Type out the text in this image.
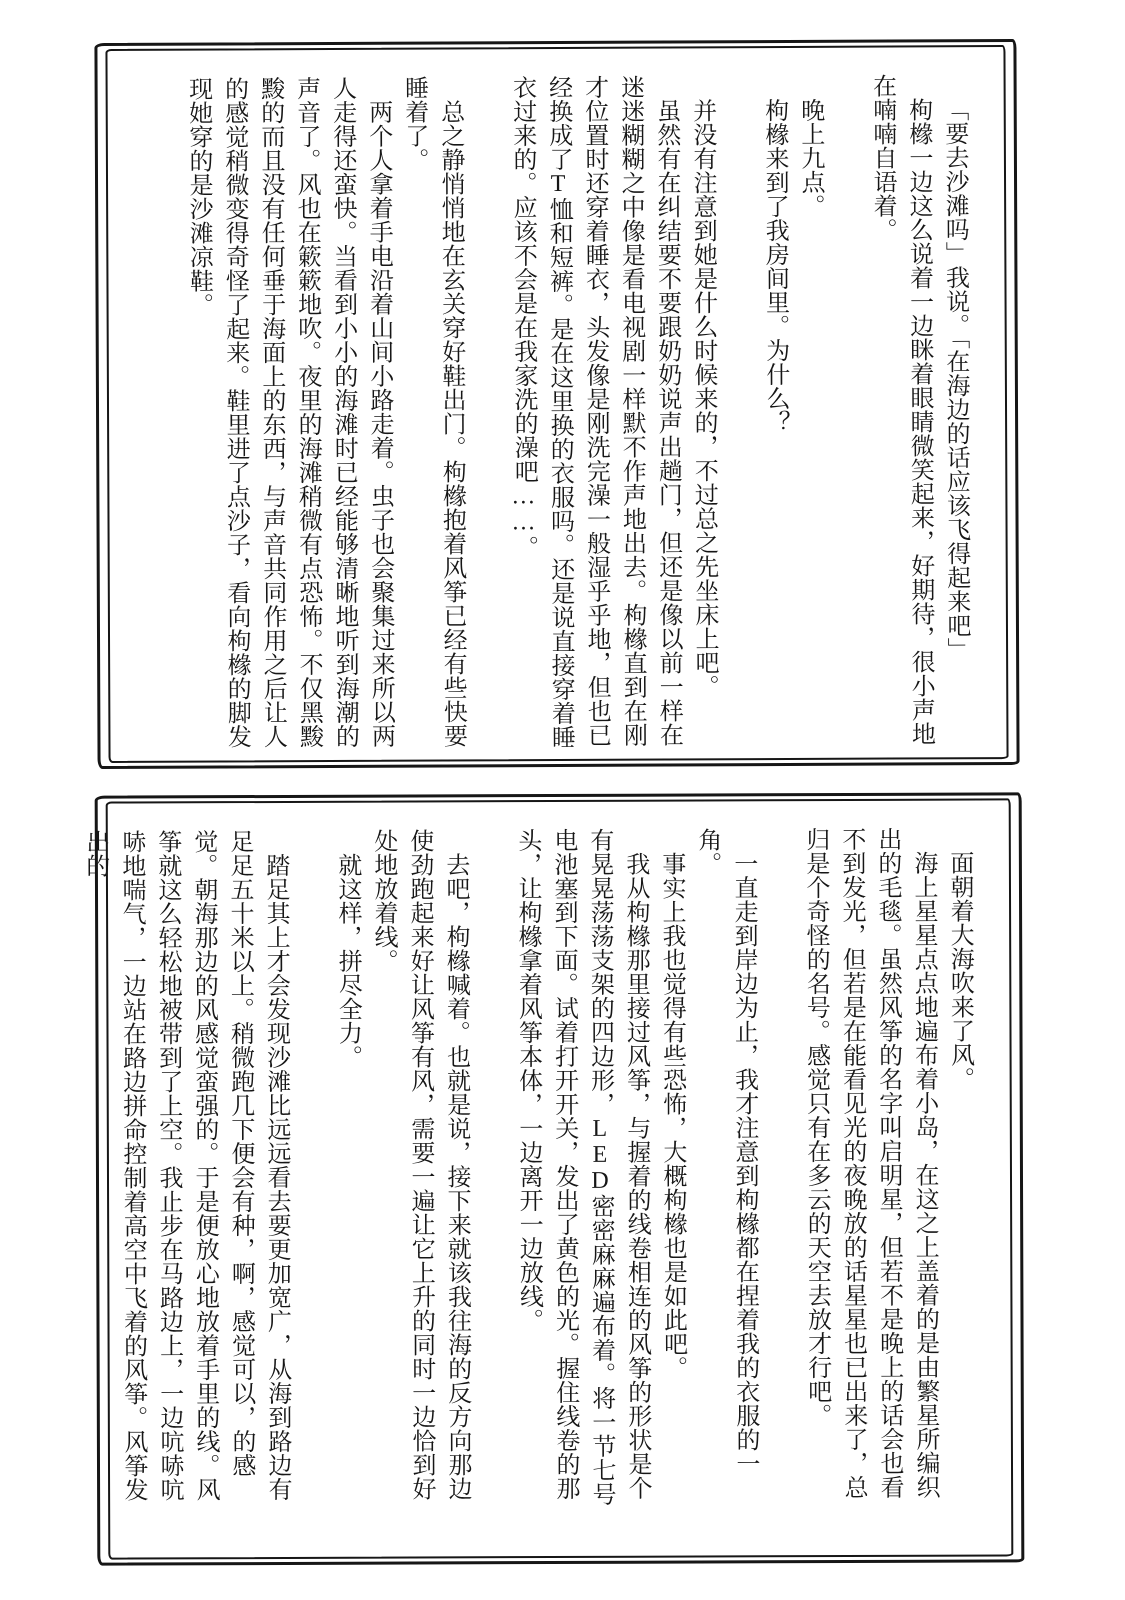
「要去沙滩吗」我说。「在海边的话应该飞得起来吧」

枸橼一边这么说着一边眯着眼睛微笑起来，好期待，很小声地在喃喃自语着。

晚上九点。

枸橼来到了我房间里。为什么？

并没有注意到她是什么时候来的，不过总之先坐床上吧。

虽然有在纠结要不要跟奶奶说声出趟门，但还是像以前一样在迷迷糊糊之中像是看电视剧一样默不作声地出去。枸橼直到在刚才位置时还穿着睡衣，头发像是刚洗完澡一般湿乎乎地，但也已经换成了T恤和短裤。是在这里换的衣服吗。还是说直接穿着睡衣过来的。应该不会是在我家洗的澡吧……。

总之静悄悄地在玄关穿好鞋出门。枸橼抱着风筝已经有些快要睡着了。

两个人拿着手电沿着山间小路走着。虫子也会聚集过来所以两人走得还蛮快。当看到小小的海滩时已经能够清晰地听到海潮的声音了。风也在簌簌地吹。夜里的海滩稍微有点恐怖。不仅黑黢黢的而且没有任何垂于海面上的东西，与声音共同作用之后让人的感觉稍微变得奇怪了起来。鞋里进了点沙子，看向枸橼的脚发现她穿的是沙滩凉鞋。

面朝着大海吹来了风。

海上星星点点地遍布着小岛，在这之上盖着的是由繁星所编织出的毛毯。虽然风筝的名字叫启明星，但若不是晚上的话会也看不到发光，但若是在能看见光的夜晚放的话星星也已出来了，总归是个奇怪的名号。感觉只有在多云的天空去放才行吧。

一直走到岸边为止，我才注意到枸橼都在捏着我的衣服的一角。

事实上我也觉得有些恐怖，大概枸橼也是如此吧。

我从枸橼那里接过风筝，与握着的线卷相连的风筝的形状是个有晃晃荡荡支架的四边形，LED密密麻麻遍布着。将一节七号电池塞到下面。试着打开开关，发出了黄色的光。握住线卷的那头，让枸橼拿着风筝本体，一边离开一边放线。

去吧，枸橼喊着。也就是说，接下来就该我往海的反方向那边使劲跑起来好让风筝有风，需要一遍让它上升的同时一边恰到好处地放着线。

就这样，拼尽全力。

踏足其上才会发现沙滩比远远看去要更加宽广，从海到路边有足足五十米以上。稍微跑几下便会有种，啊，感觉可以，的感觉。朝海那边的风感觉蛮强的。于是便放心地放着手里的线。风筝就这么轻松地被带到了上空。我止步在马路边上，一边吭哧吭哧地喘气，一边站在路边拼命控制着高空中飞着的风筝。风筝发出的
